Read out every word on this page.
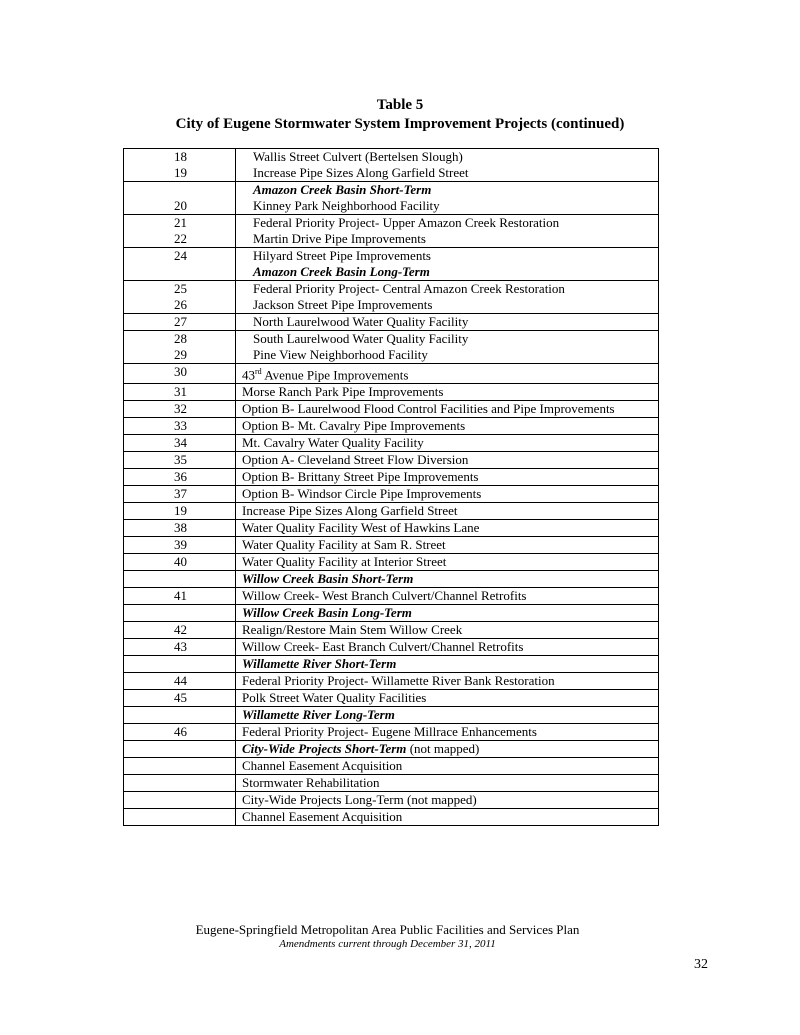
Table 5
City of Eugene Stormwater System Improvement Projects (continued)
18	Wallis Street Culvert (Bertelsen Slough)
19	Increase Pipe Sizes Along Garfield Street
	Amazon Creek Basin Short-Term
20	Kinney Park Neighborhood Facility
21	Federal Priority Project- Upper Amazon Creek Restoration
22	Martin Drive Pipe Improvements
24	Hilyard Street Pipe Improvements
	Amazon Creek Basin Long-Term
25	Federal Priority Project- Central Amazon Creek Restoration
26	Jackson Street Pipe Improvements
27	North Laurelwood Water Quality Facility
28	South Laurelwood Water Quality Facility
29	Pine View Neighborhood Facility
30	43rd Avenue Pipe Improvements
31	Morse Ranch Park Pipe Improvements
32	Option B- Laurelwood Flood Control Facilities and Pipe Improvements
33	Option B- Mt. Cavalry Pipe Improvements
34	Mt. Cavalry Water Quality Facility
35	Option A- Cleveland Street Flow Diversion
36	Option B- Brittany Street Pipe Improvements
37	Option B- Windsor Circle Pipe Improvements
19	Increase Pipe Sizes Along Garfield Street
38	Water Quality Facility West of Hawkins Lane
39	Water Quality Facility at Sam R. Street
40	Water Quality Facility at Interior Street
	Willow Creek Basin Short-Term
41	Willow Creek- West Branch Culvert/Channel Retrofits
	Willow Creek Basin Long-Term
42	Realign/Restore Main Stem Willow Creek
43	Willow Creek- East Branch Culvert/Channel Retrofits
	Willamette River Short-Term
44	Federal Priority Project- Willamette River Bank Restoration
45	Polk Street Water Quality Facilities
	Willamette River Long-Term
46	Federal Priority Project- Eugene Millrace Enhancements
	City-Wide Projects Short-Term (not mapped)
	Channel Easement Acquisition
	Stormwater Rehabilitation
	City-Wide Projects Long-Term (not mapped)
	Channel Easement Acquisition
Eugene-Springfield Metropolitan Area Public Facilities and Services Plan
Amendments current through December 31, 2011
32
